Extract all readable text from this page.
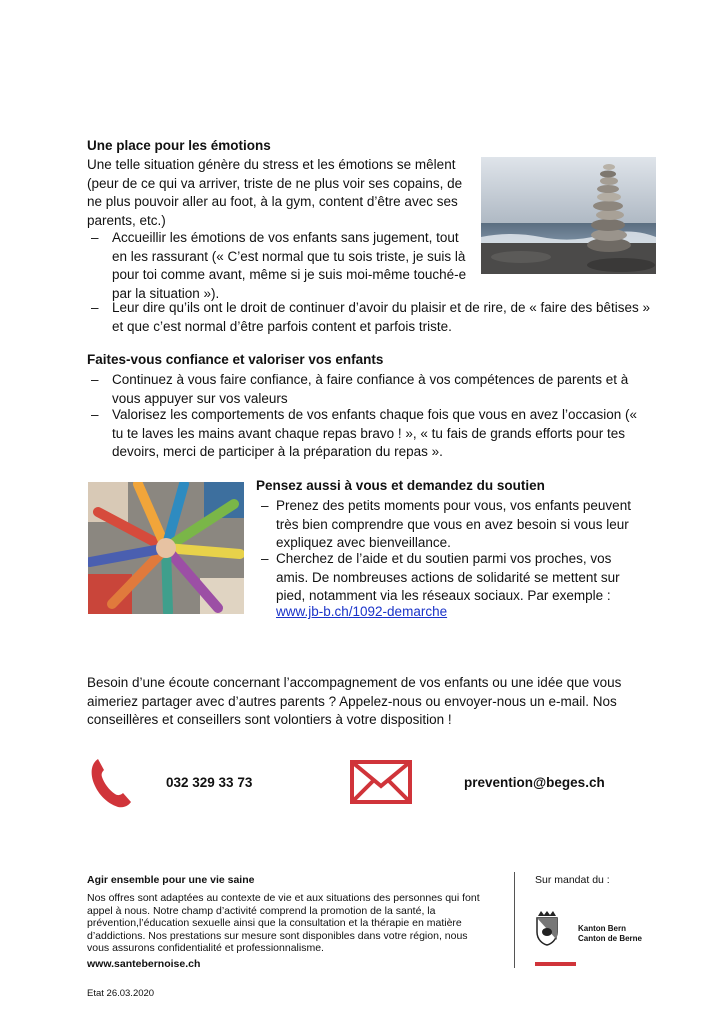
Une place pour les émotions
Une telle situation génère du stress et les émotions se mêlent (peur de ce qui va arriver, triste de ne plus voir ses copains, de ne plus pouvoir aller au foot, à la gym, content d’être avec ses parents, etc.)
– Accueillir les émotions de vos enfants sans jugement, tout en les rassurant (« C’est normal que tu sois triste, je suis là pour toi comme avant, même si je suis moi-même touché-e par la situation »).
– Leur dire qu’ils ont le droit de continuer d’avoir du plaisir et de rire, de « faire des bêtises » et que c’est normal d’être parfois content et parfois triste.
Faites-vous confiance et valoriser vos enfants
– Continuez à vous faire confiance, à faire confiance à vos compétences de parents et à vous appuyer sur vos valeurs
– Valorisez les comportements de vos enfants chaque fois que vous en avez l’occasion (« tu te laves les mains avant chaque repas bravo ! », « tu fais de grands efforts pour tes devoirs, merci de participer à la préparation du repas ».
Pensez aussi à vous et demandez du soutien
– Prenez des petits moments pour vous, vos enfants peuvent très bien comprendre que vous en avez besoin si vous leur expliquez avec bienveillance.
– Cherchez de l’aide et du soutien parmi vos proches, vos amis. De nombreuses actions de solidarité se mettent sur pied, notamment via les réseaux sociaux. Par exemple :
www.jb-b.ch/1092-demarche
Besoin d’une écoute concernant l’accompagnement de vos enfants ou une idée que vous aimeriez partager avec d’autres parents ? Appelez-nous ou envoyer-nous un e-mail. Nos conseillères et conseillers sont volontiers à votre disposition !
032 329 33 73	prevention@beges.ch
Agir ensemble pour une vie saine
Nos offres sont adaptées au contexte de vie et aux situations des personnes qui font appel à nous. Notre champ d’activité comprend la promotion de la santé, la prévention,l’éducation sexuelle ainsi que la consultation et la thérapie en matière d’addictions. Nos prestations sur mesure sont disponibles dans votre région, nous vous assurons confidentialité et professionnalisme.
www.santebernoise.ch
Sur mandat du :
Kanton Bern
Canton de Berne
Etat 26.03.2020
